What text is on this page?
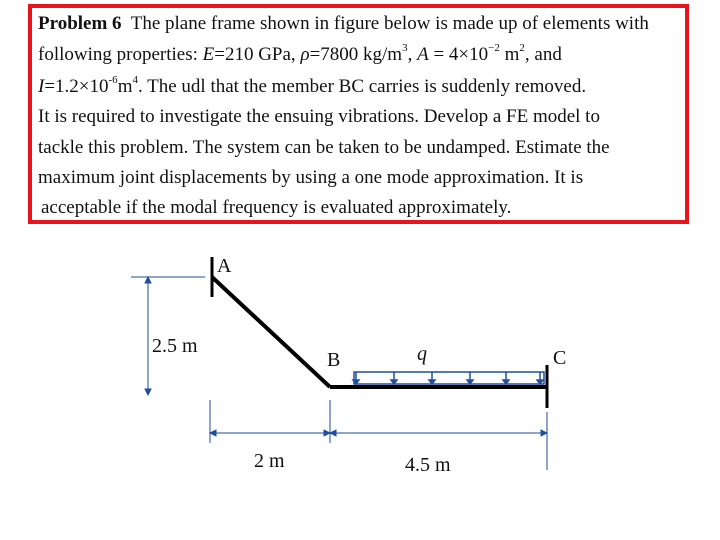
Problem 6 The plane frame shown in figure below is made up of elements with
following properties: E=210 GPa, ρ=7800 $kg/m^3$, $A = 4\times 10^{-2}$ $m^2$, and
$I=1.2\times 10^{-6}m^4$. The udl that the member BC carries is suddenly removed.
It is required to investigate the ensuing vibrations. Develop a FE model to
tackle this problem. The system can be taken to be undamped. Estimate the
maximum joint displacements by using a one mode approximation. It is
acceptable if the modal frequency is evaluated approximately.
A
B	C
q
2.5 m
2 m	4.5 m
